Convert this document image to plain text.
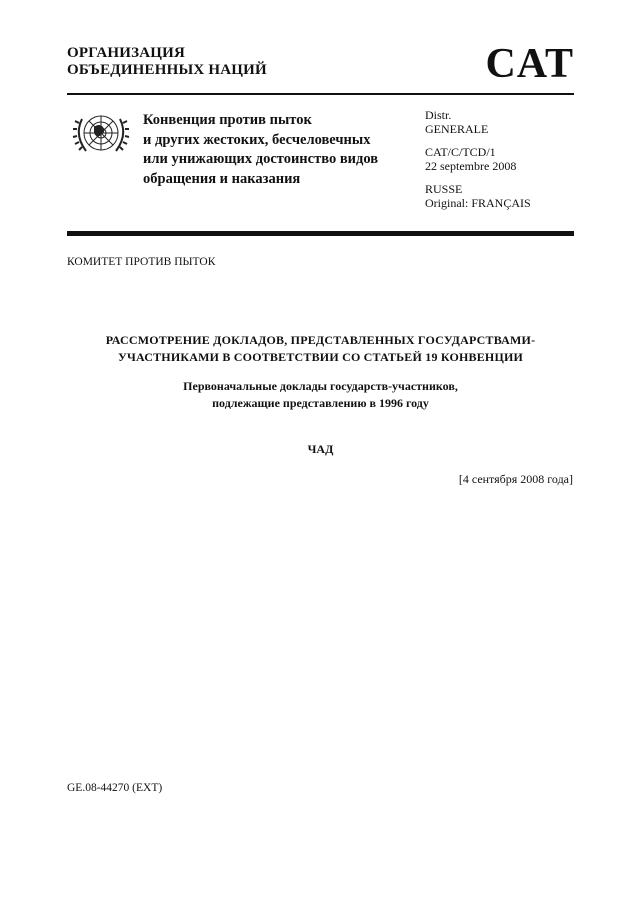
ОРГАНИЗАЦИЯ
ОБЪЕДИНЕННЫХ НАЦИЙ	CAT
Конвенция против пыток
и других жестоких, бесчеловечных
или унижающих достоинство видов
обращения и наказания

Distr.
GENERALE

CAT/C/TCD/1
22 septembre 2008

RUSSE
Original: FRANÇAIS

КОМИТЕТ ПРОТИВ ПЫТОК
РАССМОТРЕНИЕ ДОКЛАДОВ, ПРЕДСТАВЛЕННЫХ ГОСУДАРСТВАМИ-
УЧАСТНИКАМИ В СООТВЕТСТВИИ СО СТАТЬЕЙ 19 КОНВЕНЦИИ
Первоначальные доклады государств-участников,
подлежащие представлению в 1996 году
ЧАД
[4 сентября 2008 года]
GE.08-44270 (EXT)
